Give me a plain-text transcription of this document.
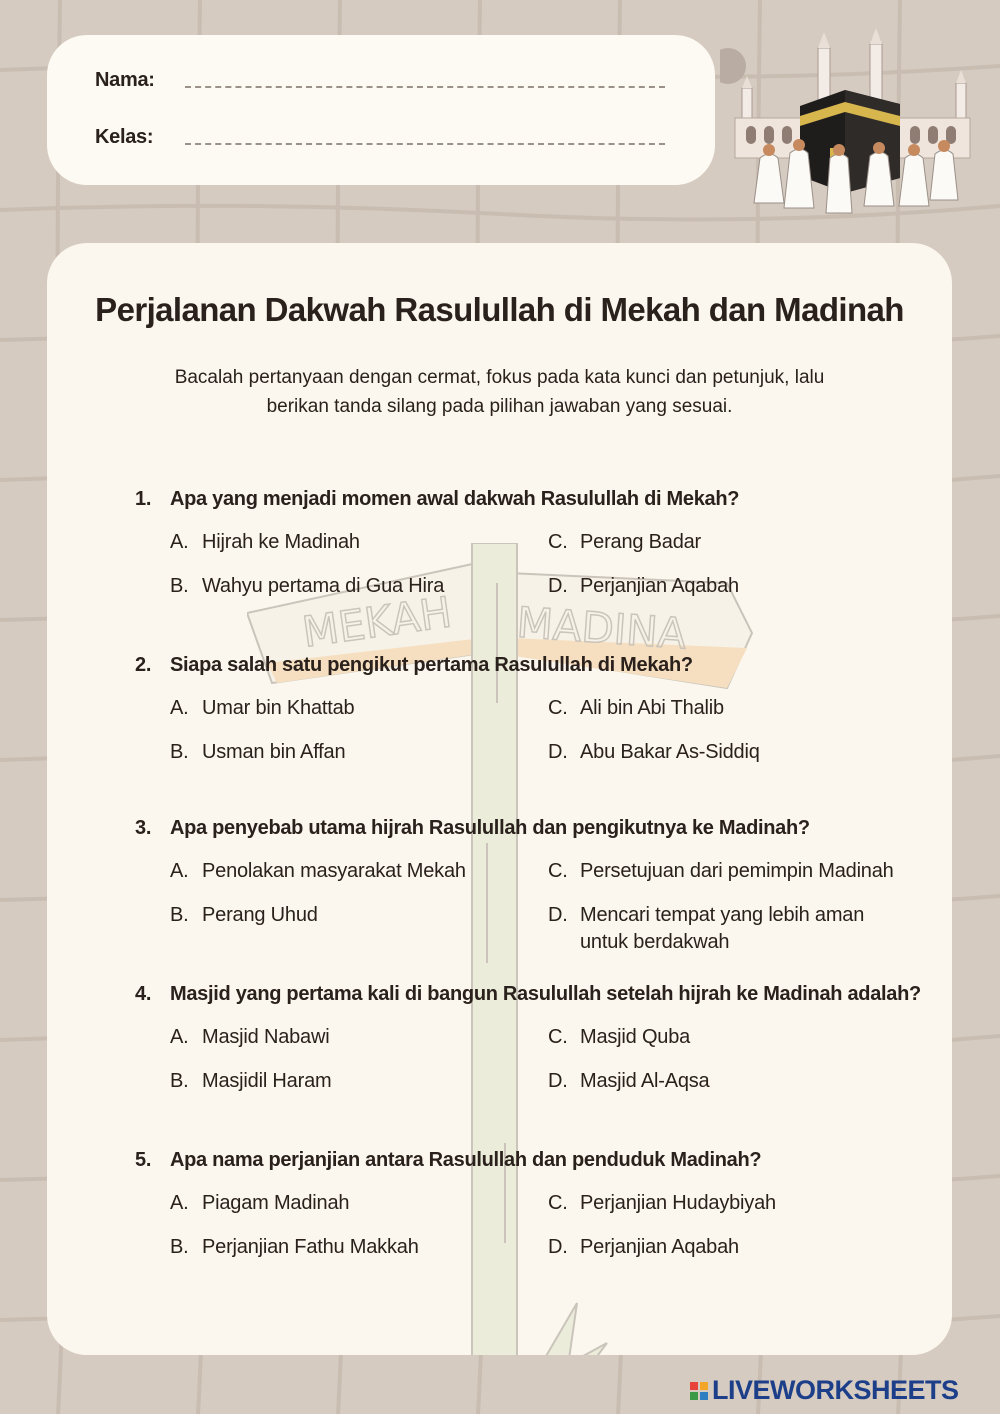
Nama:
Kelas:
MEKAH MADINA
Perjalanan Dakwah Rasulullah di Mekah dan Madinah
Bacalah pertanyaan dengan cermat, fokus pada kata kunci dan petunjuk, lalu berikan tanda silang pada pilihan jawaban yang sesuai.
1. Apa yang menjadi momen awal dakwah Rasulullah di Mekah?
A. Hijrah ke Madinah	C. Perang Badar
B. Wahyu pertama di Gua Hira	D. Perjanjian Aqabah
2. Siapa salah satu pengikut pertama Rasulullah di Mekah?
A. Umar bin Khattab	C. Ali bin Abi Thalib
B. Usman bin Affan	D. Abu Bakar As-Siddiq
3. Apa penyebab utama hijrah Rasulullah dan pengikutnya ke Madinah?
A. Penolakan masyarakat Mekah	C. Persetujuan dari pemimpin Madinah
B. Perang Uhud	D. Mencari tempat yang lebih aman untuk berdakwah
4. Masjid yang pertama kali di bangun Rasulullah setelah hijrah ke Madinah adalah?
A. Masjid Nabawi	C. Masjid Quba
B. Masjidil Haram	D. Masjid Al-Aqsa
5. Apa nama perjanjian antara Rasulullah dan penduduk Madinah?
A. Piagam Madinah	C. Perjanjian Hudaybiyah
B. Perjanjian Fathu Makkah	D. Perjanjian Aqabah
LIVEWORKSHEETS
